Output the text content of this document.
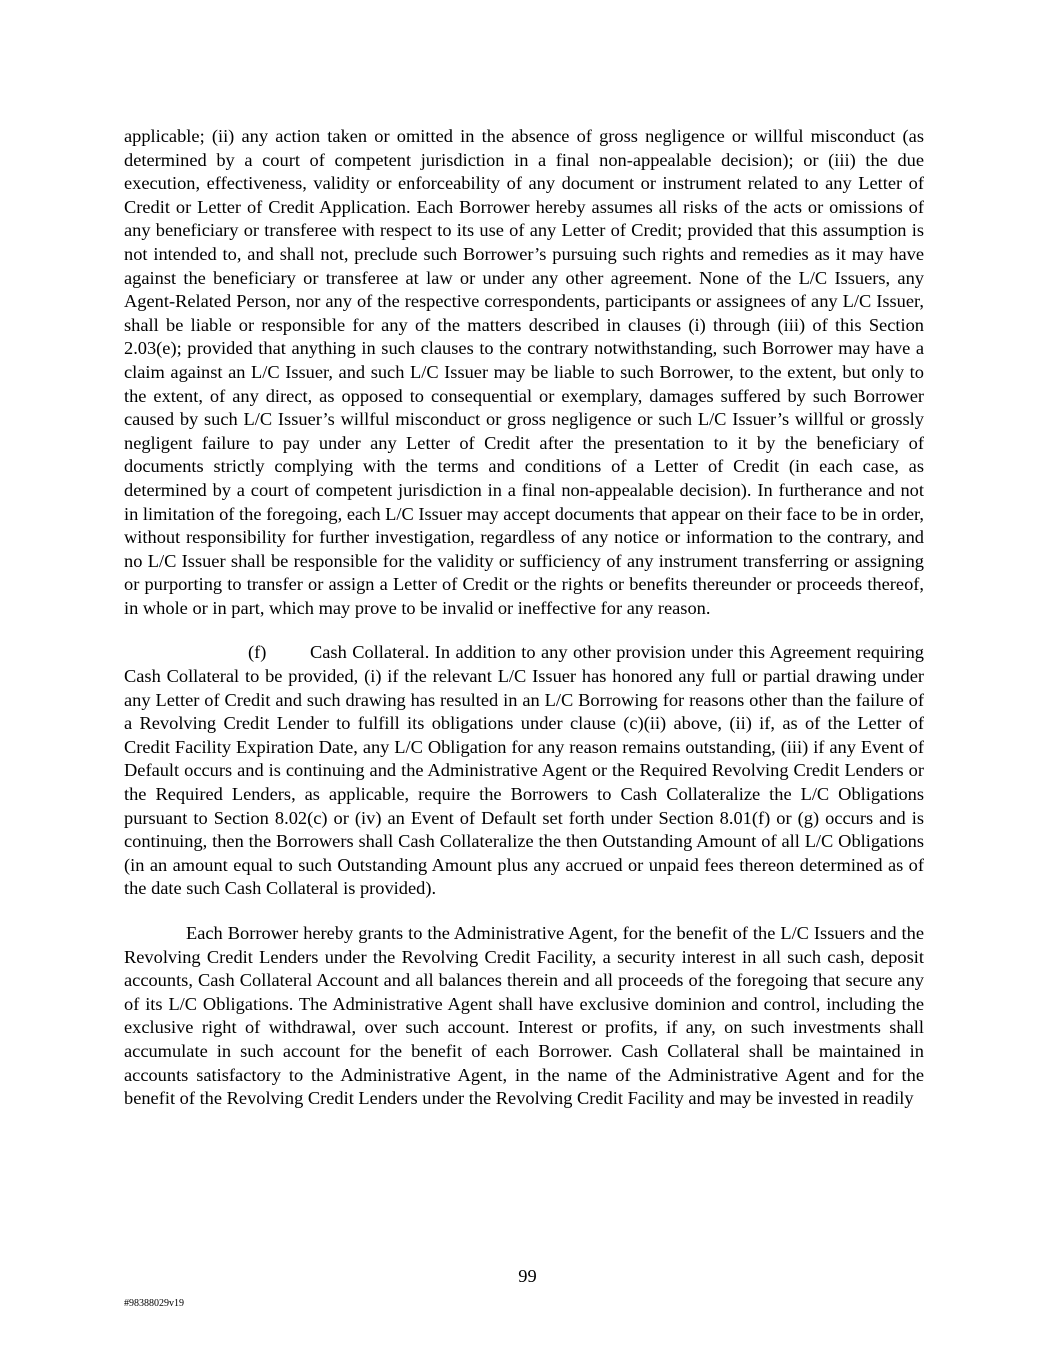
applicable; (ii) any action taken or omitted in the absence of gross negligence or willful misconduct (as determined by a court of competent jurisdiction in a final non-appealable decision); or (iii) the due execution, effectiveness, validity or enforceability of any document or instrument related to any Letter of Credit or Letter of Credit Application. Each Borrower hereby assumes all risks of the acts or omissions of any beneficiary or transferee with respect to its use of any Letter of Credit; provided that this assumption is not intended to, and shall not, preclude such Borrower’s pursuing such rights and remedies as it may have against the beneficiary or transferee at law or under any other agreement. None of the L/C Issuers, any Agent-Related Person, nor any of the respective correspondents, participants or assignees of any L/C Issuer, shall be liable or responsible for any of the matters described in clauses (i) through (iii) of this Section 2.03(e); provided that anything in such clauses to the contrary notwithstanding, such Borrower may have a claim against an L/C Issuer, and such L/C Issuer may be liable to such Borrower, to the extent, but only to the extent, of any direct, as opposed to consequential or exemplary, damages suffered by such Borrower caused by such L/C Issuer’s willful misconduct or gross negligence or such L/C Issuer’s willful or grossly negligent failure to pay under any Letter of Credit after the presentation to it by the beneficiary of documents strictly complying with the terms and conditions of a Letter of Credit (in each case, as determined by a court of competent jurisdiction in a final non-appealable decision). In furtherance and not in limitation of the foregoing, each L/C Issuer may accept documents that appear on their face to be in order, without responsibility for further investigation, regardless of any notice or information to the contrary, and no L/C Issuer shall be responsible for the validity or sufficiency of any instrument transferring or assigning or purporting to transfer or assign a Letter of Credit or the rights or benefits thereunder or proceeds thereof, in whole or in part, which may prove to be invalid or ineffective for any reason.

(f) Cash Collateral. In addition to any other provision under this Agreement requiring Cash Collateral to be provided, (i) if the relevant L/C Issuer has honored any full or partial drawing under any Letter of Credit and such drawing has resulted in an L/C Borrowing for reasons other than the failure of a Revolving Credit Lender to fulfill its obligations under clause (c)(ii) above, (ii) if, as of the Letter of Credit Facility Expiration Date, any L/C Obligation for any reason remains outstanding, (iii) if any Event of Default occurs and is continuing and the Administrative Agent or the Required Revolving Credit Lenders or the Required Lenders, as applicable, require the Borrowers to Cash Collateralize the L/C Obligations pursuant to Section 8.02(c) or (iv) an Event of Default set forth under Section 8.01(f) or (g) occurs and is continuing, then the Borrowers shall Cash Collateralize the then Outstanding Amount of all L/C Obligations (in an amount equal to such Outstanding Amount plus any accrued or unpaid fees thereon determined as of the date such Cash Collateral is provided).

Each Borrower hereby grants to the Administrative Agent, for the benefit of the L/C Issuers and the Revolving Credit Lenders under the Revolving Credit Facility, a security interest in all such cash, deposit accounts, Cash Collateral Account and all balances therein and all proceeds of the foregoing that secure any of its L/C Obligations. The Administrative Agent shall have exclusive dominion and control, including the exclusive right of withdrawal, over such account. Interest or profits, if any, on such investments shall accumulate in such account for the benefit of each Borrower. Cash Collateral shall be maintained in accounts satisfactory to the Administrative Agent, in the name of the Administrative Agent and for the benefit of the Revolving Credit Lenders under the Revolving Credit Facility and may be invested in readily

99
#98388029v19
